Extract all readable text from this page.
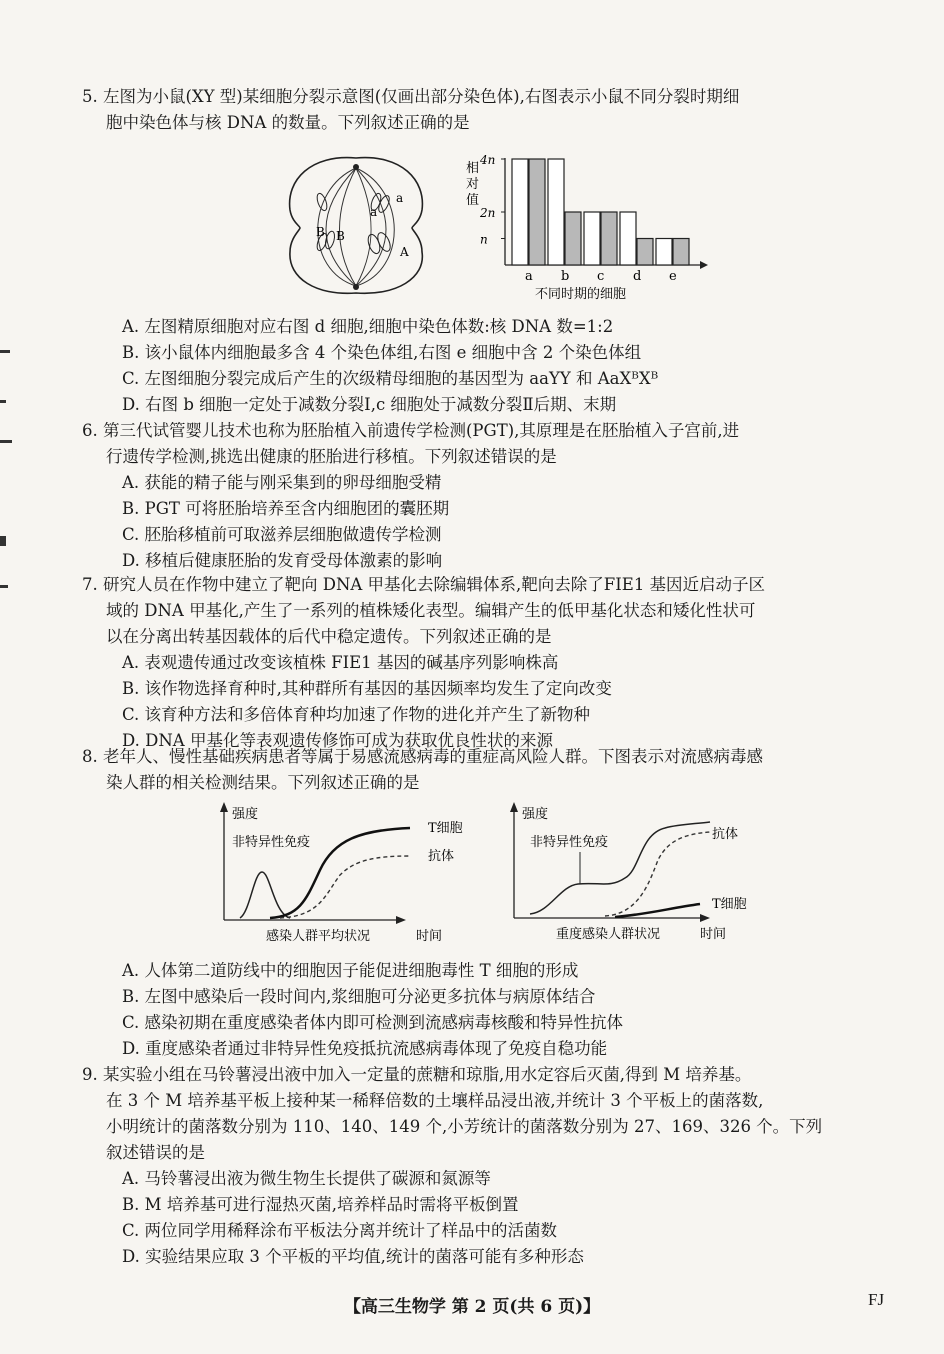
5. 左图为小鼠(XY 型)某细胞分裂示意图(仅画出部分染色体),右图表示小鼠不同分裂时期细

胞中染色体与核 DNA 的数量。下列叙述正确的是

B B
a
a
A
相
对
值
4n
2n
n
a b c d e
不同时期的细胞

A. 左图精原细胞对应右图 d 细胞,细胞中染色体数:核 DNA 数=1:2

B. 该小鼠体内细胞最多含 4 个染色体组,右图 e 细胞中含 2 个染色体组

C. 左图细胞分裂完成后产生的次级精母细胞的基因型为 aaYY 和 AaXᴮXᴮ

D. 右图 b 细胞一定处于减数分裂Ⅰ,c 细胞处于减数分裂Ⅱ后期、末期

6. 第三代试管婴儿技术也称为胚胎植入前遗传学检测(PGT),其原理是在胚胎植入子宫前,进

行遗传学检测,挑选出健康的胚胎进行移植。下列叙述错误的是

A. 获能的精子能与刚采集到的卵母细胞受精

B. PGT 可将胚胎培养至含内细胞团的囊胚期

C. 胚胎移植前可取滋养层细胞做遗传学检测

D. 移植后健康胚胎的发育受母体激素的影响

7. 研究人员在作物中建立了靶向 DNA 甲基化去除编辑体系,靶向去除了FIE1 基因近启动子区

域的 DNA 甲基化,产生了一系列的植株矮化表型。编辑产生的低甲基化状态和矮化性状可

以在分离出转基因载体的后代中稳定遗传。下列叙述正确的是

A. 表观遗传通过改变该植株 FIE1 基因的碱基序列影响株高

B. 该作物选择育种时,其种群所有基因的基因频率均发生了定向改变

C. 该育种方法和多倍体育种均加速了作物的进化并产生了新物种

D. DNA 甲基化等表观遗传修饰可成为获取优良性状的来源

8. 老年人、慢性基础疾病患者等属于易感流感病毒的重症高风险人群。下图表示对流感病毒感

染人群的相关检测结果。下列叙述正确的是

强度
非特异性免疫
T细胞
抗体
感染人群平均状况	时间
强度
非特异性免疫
抗体
T细胞
重度感染人群状况	时间

A. 人体第二道防线中的细胞因子能促进细胞毒性 T 细胞的形成

B. 左图中感染后一段时间内,浆细胞可分泌更多抗体与病原体结合

C. 感染初期在重度感染者体内即可检测到流感病毒核酸和特异性抗体

D. 重度感染者通过非特异性免疫抵抗流感病毒体现了免疫自稳功能

9. 某实验小组在马铃薯浸出液中加入一定量的蔗糖和琼脂,用水定容后灭菌,得到 M 培养基。

在 3 个 M 培养基平板上接种某一稀释倍数的土壤样品浸出液,并统计 3 个平板上的菌落数,

小明统计的菌落数分别为 110、140、149 个,小芳统计的菌落数分别为 27、169、326 个。下列

叙述错误的是

A. 马铃薯浸出液为微生物生长提供了碳源和氮源等

B. M 培养基可进行湿热灭菌,培养样品时需将平板倒置

C. 两位同学用稀释涂布平板法分离并统计了样品中的活菌数

D. 实验结果应取 3 个平板的平均值,统计的菌落可能有多种形态

【高三生物学 第 2 页(共 6 页)】	FJ
